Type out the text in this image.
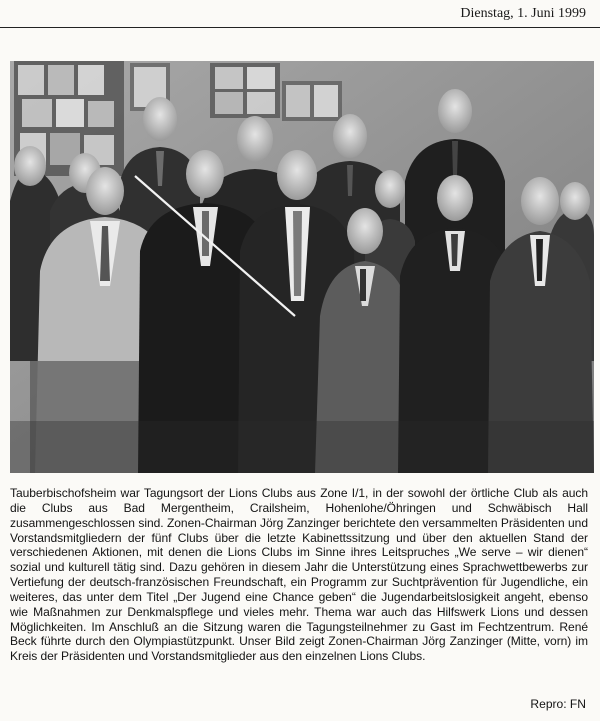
Dienstag, 1. Juni 1999

Tauberbischofsheim war Tagungsort der Lions Clubs aus Zone I/1, in der sowohl der örtliche Club als auch die Clubs aus Bad Mergentheim, Crailsheim, Hohenlohe/Öhringen und Schwäbisch Hall zusammengeschlossen sind. Zonen-Chairman Jörg Zanzinger berichtete den versammelten Präsidenten und Vorstandsmitgliedern der fünf Clubs über die letzte Kabinettssitzung und über den aktuellen Stand der verschiedenen Aktionen, mit denen die Lions Clubs im Sinne ihres Leitspruches „We serve – wir dienen“ sozial und kulturell tätig sind. Dazu gehören in diesem Jahr die Unterstützung eines Sprachwettbewerbs zur Vertiefung der deutsch-französischen Freundschaft, ein Programm zur Suchtprävention für Jugendliche, ein weiteres, das unter dem Titel „Der Jugend eine Chance geben“ die Jugendarbeitslosigkeit angeht, ebenso wie Maßnahmen zur Denkmalspflege und vieles mehr. Thema war auch das Hilfswerk Lions und dessen Möglichkeiten. Im Anschluß an die Sitzung waren die Tagungsteilnehmer zu Gast im Fechtzentrum. René Beck führte durch den Olympiastützpunkt. Unser Bild zeigt Zonen-Chairman Jörg Zanzinger (Mitte, vorn) im Kreis der Präsidenten und Vorstandsmitglieder aus den einzelnen Lions Clubs.

Repro: FN
